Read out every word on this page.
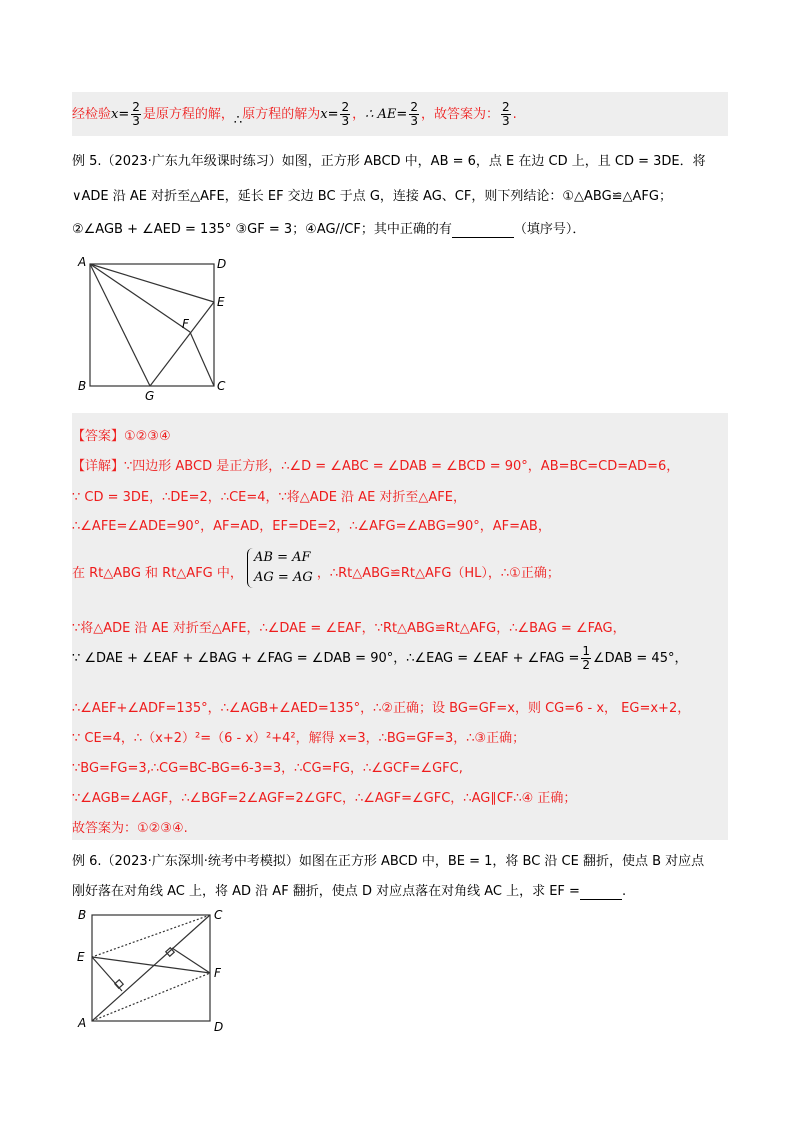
经检验$x= \frac{2}{3}$ 是原方程的解，∴原方程的解为$x= \frac{2}{3}$ ，∴ $AE= \frac{2}{3}$ ，故答案为： $\frac{2}{3}$ .
例 5.（2023·广东九年级课时练习）如图，正方形 ABCD 中，AB = 6，点 E 在边 CD 上，且 CD = 3DE．将
∨ADE 沿 AE 对折至△AFE，延长 EF 交边 BC 于点 G，连接 AG、CF，则下列结论：①△ABG≌△AFG；
②∠AGB + ∠AED = 135° ③GF = 3；④AG//CF；其中正确的有	（填序号）．
A	D
E
F
B
G
C
【答案】①②③④
【详解】∵四边形 ABCD 是正方形，∴∠D = ∠ABC = ∠DAB = ∠BCD = 90°，AB=BC=CD=AD=6，
∵ CD = 3DE，∴DE=2，∴CE=4，∵将△ADE 沿 AE 对折至△AFE，
∴∠AFE=∠ADE=90°，AF=AD，EF=DE=2，∴∠AFG=∠ABG=90°，AF=AB，
在 Rt△ABG 和 Rt△AFG 中，
AB = AF
AG = AG ，∴Rt△ABG≌Rt△AFG（HL），∴①正确；
∵将△ADE 沿 AE 对折至△AFE，∴∠DAE = ∠EAF，∵Rt△ABG≌Rt△AFG，∴∠BAG = ∠FAG，
∵ ∠DAE + ∠EAF + ∠BAG + ∠FAG = ∠DAB = 90°，∴∠EAG = ∠EAF + ∠FAG = $\frac{1}{2}$ ∠DAB = 45°，
∴∠AEF+∠ADF=135°，∴∠AGB+∠AED=135°，∴②正确；设 BG=GF=x，则 CG=6 - x， EG=x+2，
∵ CE=4，∴（x+2）²=（6 - x）²+4²，解得 x=3，∴BG=GF=3，∴③正确；
∵BG=FG=3,∴CG=BC-BG=6-3=3，∴CG=FG，∴∠GCF=∠GFC,
∵∠AGB=∠AGF，∴∠BGF=2∠AGF=2∠GFC，∴∠AGF=∠GFC，∴AG∥CF∴④ 正确；
故答案为：①②③④.
例 6.（2023·广东深圳·统考中考模拟）如图在正方形 ABCD 中，BE = 1，将 BC 沿 CE 翻折，使点 B 对应点
刚好落在对角线 AC 上，将 AD 沿 AF 翻折，使点 D 对应点落在对角线 AC 上，求 EF =	.
B	C
E
F
A	D
